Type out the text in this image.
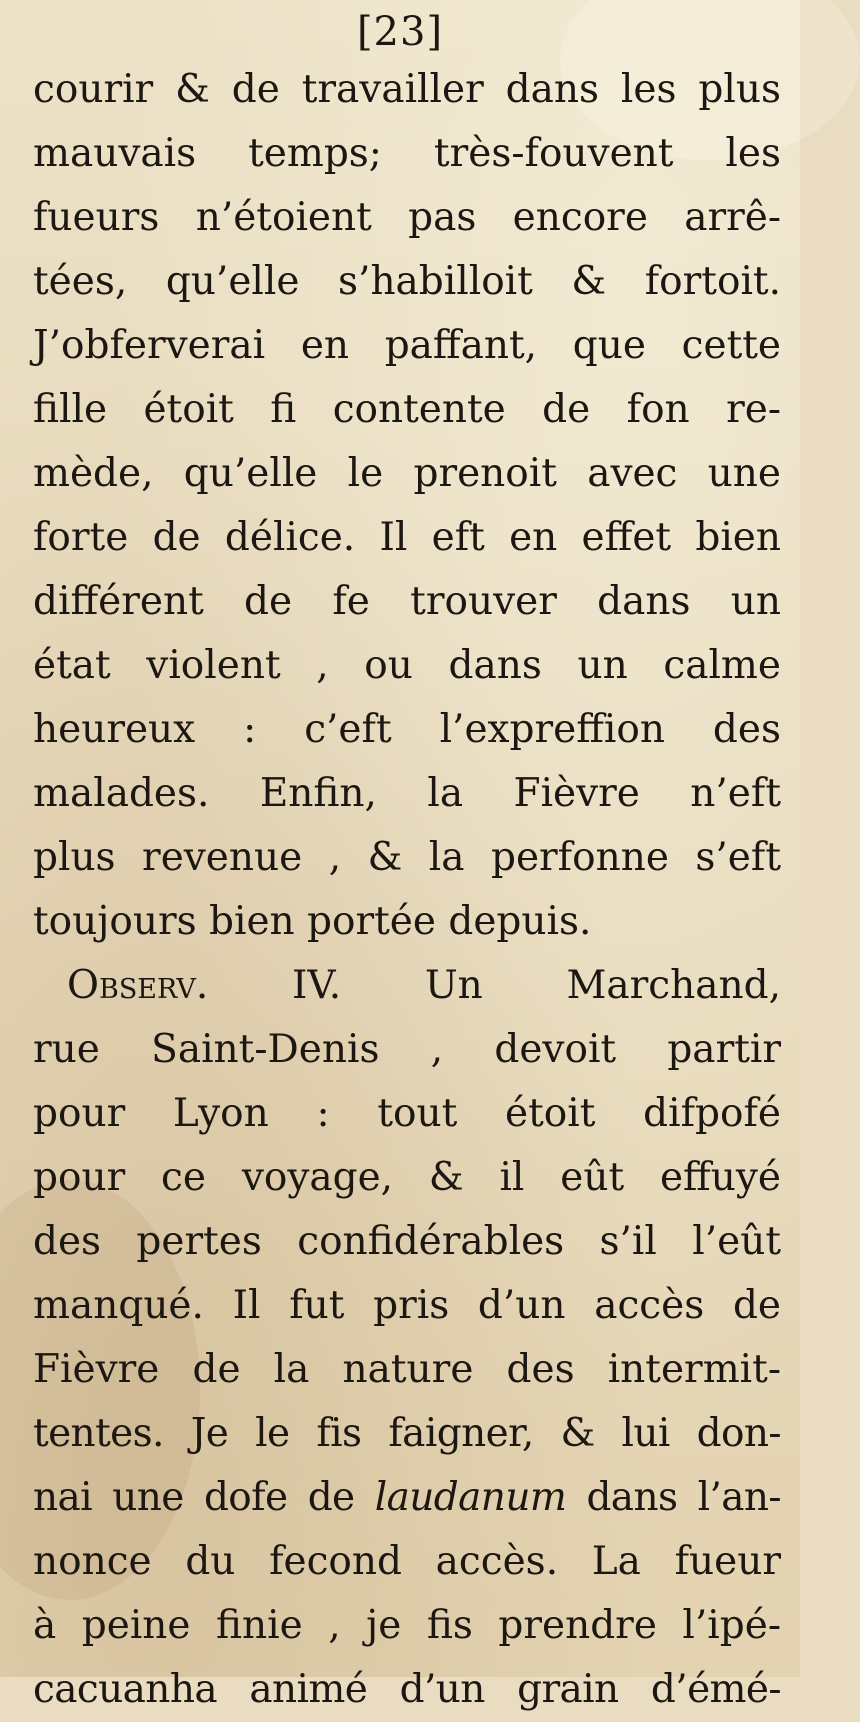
[23]
courir & de travailler dans les plus
mauvais temps; très-fouvent les
fueurs n’étoient pas encore arrê-
tées, qu’elle s’habilloit & fortoit.
J’obferverai en paffant, que cette
fille étoit fi contente de fon re-
mède, qu’elle le prenoit avec une
forte de délice. Il eft en effet bien
différent de fe trouver dans un
état violent , ou dans un calme
heureux : c’eft l’expreffion des
malades. Enfin, la Fièvre n’eft
plus revenue , & la perfonne s’eft
toujours bien portée depuis.
Observ. IV. Un Marchand,
rue Saint-Denis , devoit partir
pour Lyon : tout étoit difpofé
pour ce voyage, & il eût effuyé
des pertes confidérables s’il l’eût
manqué. Il fut pris d’un accès de
Fièvre de la nature des intermit-
tentes. Je le fis faigner, & lui don-
nai une dofe de laudanum dans l’an-
nonce du fecond accès. La fueur
à peine finie , je fis prendre l’ipé-
cacuanha animé d’un grain d’émé-
